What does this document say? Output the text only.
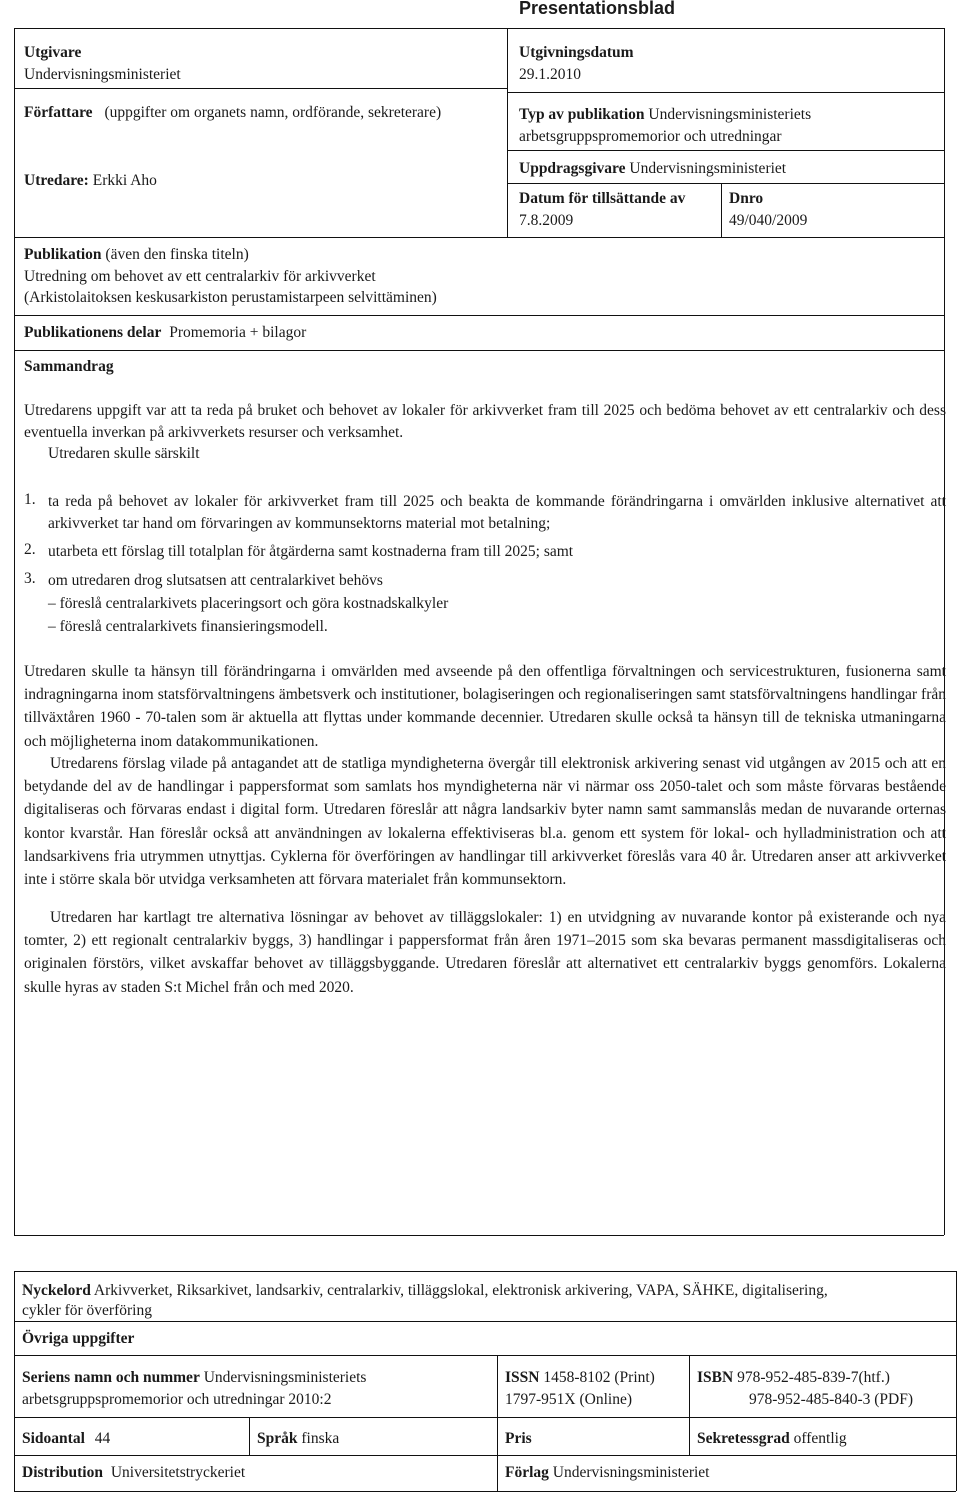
Presentationsblad
Utgivare
Undervisningsministeriet
Utgivningsdatum
29.1.2010
Författare (uppgifter om organets namn, ordförande, sekreterare)
Utredare: Erkki Aho
Typ av publikation Undervisningsministeriets
arbetsgruppspromemorior och utredningar
Uppdragsgivare Undervisningsministeriet
Datum för tillsättande av
7.8.2009
Dnro
49/040/2009
Publikation (även den finska titeln)
Utredning om behovet av ett centralarkiv för arkivverket
(Arkistolaitoksen keskusarkiston perustamistarpeen selvittäminen)
Publikationens delar Promemoria + bilagor
Sammandrag
Utredarens uppgift var att ta reda på bruket och behovet av lokaler för arkivverket fram till 2025 och bedöma behovet av ett centralarkiv och dess eventuella inverkan på arkivverkets resurser och verksamhet.
Utredaren skulle särskilt
1. ta reda på behovet av lokaler för arkivverket fram till 2025 och beakta de kommande förändringarna i omvärlden inklusive alternativet att arkivverket tar hand om förvaringen av kommunsektorns material mot betalning;
2. utarbeta ett förslag till totalplan för åtgärderna samt kostnaderna fram till 2025; samt
3. om utredaren drog slutsatsen att centralarkivet behövs
– föreslå centralarkivets placeringsort och göra kostnadskalkyler
– föreslå centralarkivets finansieringsmodell.
Utredaren skulle ta hänsyn till förändringarna i omvärlden med avseende på den offentliga förvaltningen och servicestrukturen, fusionerna samt indragningarna inom statsförvaltningens ämbetsverk och institutioner, bolagiseringen och regionaliseringen samt statsförvaltningens handlingar från tillväxtåren 1960 - 70-talen som är aktuella att flyttas under kommande decennier. Utredaren skulle också ta hänsyn till de tekniska utmaningarna och möjligheterna inom datakommunikationen.
Utredarens förslag vilade på antagandet att de statliga myndigheterna övergår till elektronisk arkivering senast vid utgången av 2015 och att en betydande del av de handlingar i pappersformat som samlats hos myndigheterna när vi närmar oss 2050-talet och som måste förvaras bestående digitaliseras och förvaras endast i digital form. Utredaren föreslår att några landsarkiv byter namn samt sammanslås medan de nuvarande orternas kontor kvarstår. Han föreslår också att användningen av lokalerna effektiviseras bl.a. genom ett system för lokal- och hylladministration och att landsarkivens fria utrymmen utnyttjas. Cyklerna för överföringen av handlingar till arkivverket föreslås vara 40 år. Utredaren anser att arkivverket inte i större skala bör utvidga verksamheten att förvara materialet från kommunsektorn.
Utredaren har kartlagt tre alternativa lösningar av behovet av tilläggslokaler: 1) en utvidgning av nuvarande kontor på existerande och nya tomter, 2) ett regionalt centralarkiv byggs, 3) handlingar i pappersformat från åren 1971–2015 som ska bevaras permanent massdigitaliseras och originalen förstörs, vilket avskaffar behovet av tilläggsbyggande. Utredaren föreslår att alternativet ett centralarkiv byggs genomförs. Lokalerna skulle hyras av staden S:t Michel från och med 2020.
Nyckelord Arkivverket, Riksarkivet, landsarkiv, centralarkiv, tilläggslokal, elektronisk arkivering, VAPA, SÄHKE, digitalisering,
cykler för överföring
Övriga uppgifter
Seriens namn och nummer Undervisningsministeriets
arbetsgruppspromemorior och utredningar 2010:2
ISSN 1458-8102 (Print)
1797-951X (Online)
ISBN 978-952-485-839-7(htf.)
978-952-485-840-3 (PDF)
Sidoantal 44	Språk finska	Pris	Sekretessgrad offentlig
Distribution Universitetstryckeriet	Förlag Undervisningsministeriet
